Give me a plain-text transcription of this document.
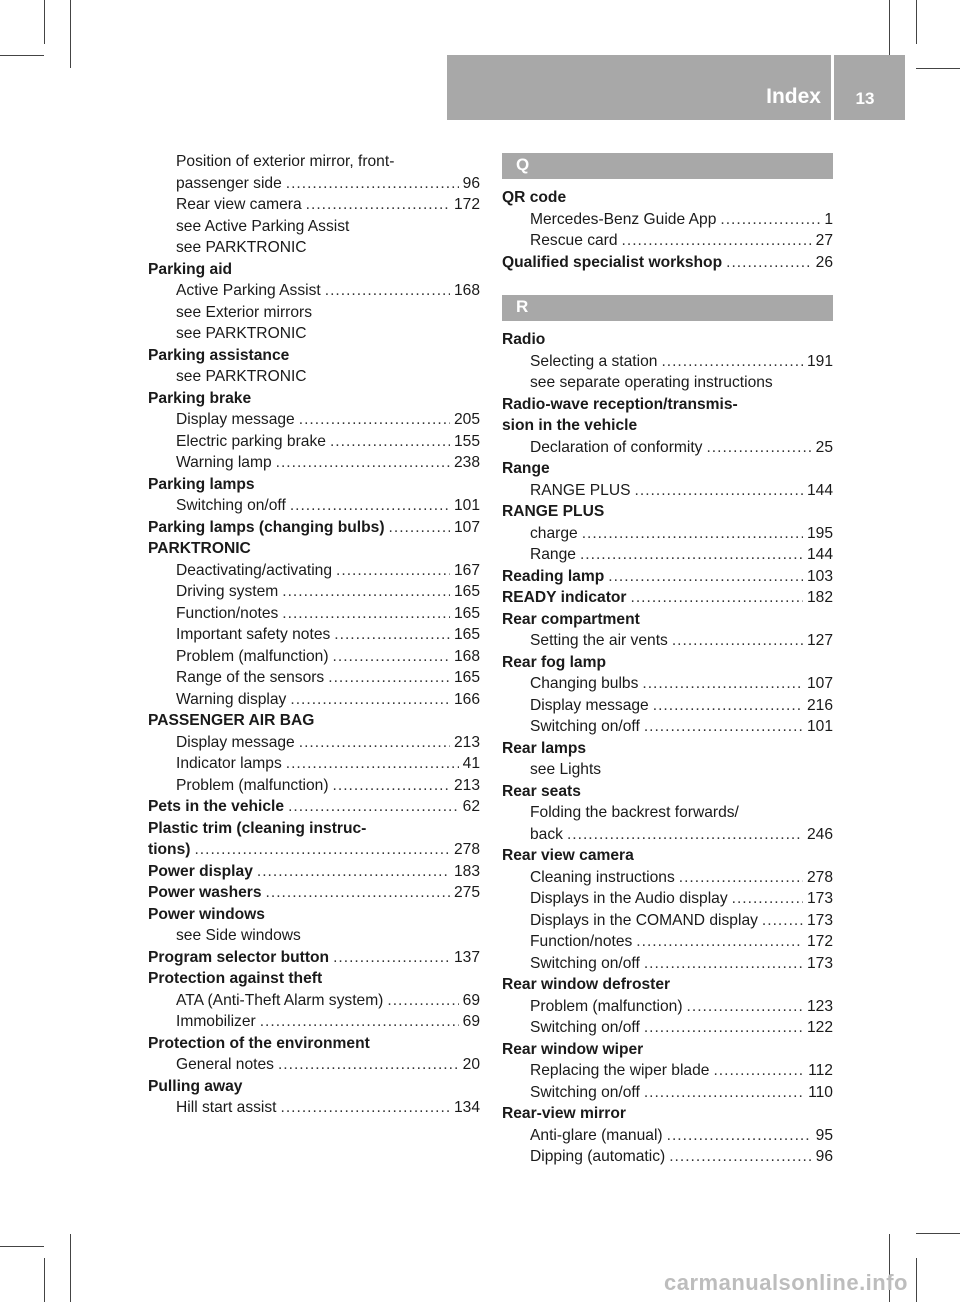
Index	13
Position of exterior mirror, front-
passenger side .....	96
Rear view camera .....	172
see Active Parking Assist
see PARKTRONIC
Parking aid
Active Parking Assist .....	168
see Exterior mirrors
see PARKTRONIC
Parking assistance
see PARKTRONIC
Parking brake
Display message .....	205
Electric parking brake .....	155
Warning lamp .....	238
Parking lamps
Switching on/off .....	101
Parking lamps (changing bulbs) .....	107
PARKTRONIC
Deactivating/activating .....	167
Driving system .....	165
Function/notes .....	165
Important safety notes .....	165
Problem (malfunction) .....	168
Range of the sensors .....	165
Warning display .....	166
PASSENGER AIR BAG
Display message .....	213
Indicator lamps .....	41
Problem (malfunction) .....	213
Pets in the vehicle .....	62
Plastic trim (cleaning instruc-
tions) .....	278
Power display .....	183
Power washers .....	275
Power windows
see Side windows
Program selector button .....	137
Protection against theft
ATA (Anti-Theft Alarm system) .....	69
Immobilizer .....	69
Protection of the environment
General notes .....	20
Pulling away
Hill start assist .....	134
Q
QR code
Mercedes-Benz Guide App .....	1
Rescue card .....	27
Qualified specialist workshop .....	26
R
Radio
Selecting a station .....	191
see separate operating instructions
Radio-wave reception/transmis-
sion in the vehicle
Declaration of conformity .....	25
Range
RANGE PLUS .....	144
RANGE PLUS
charge .....	195
Range .....	144
Reading lamp .....	103
READY indicator .....	182
Rear compartment
Setting the air vents .....	127
Rear fog lamp
Changing bulbs .....	107
Display message .....	216
Switching on/off .....	101
Rear lamps
see Lights
Rear seats
Folding the backrest forwards/
back .....	246
Rear view camera
Cleaning instructions .....	278
Displays in the Audio display .....	173
Displays in the COMAND display .....	173
Function/notes .....	172
Switching on/off .....	173
Rear window defroster
Problem (malfunction) .....	123
Switching on/off .....	122
Rear window wiper
Replacing the wiper blade .....	112
Switching on/off .....	110
Rear-view mirror
Anti-glare (manual) .....	95
Dipping (automatic) .....	96
carmanualsonline.info
